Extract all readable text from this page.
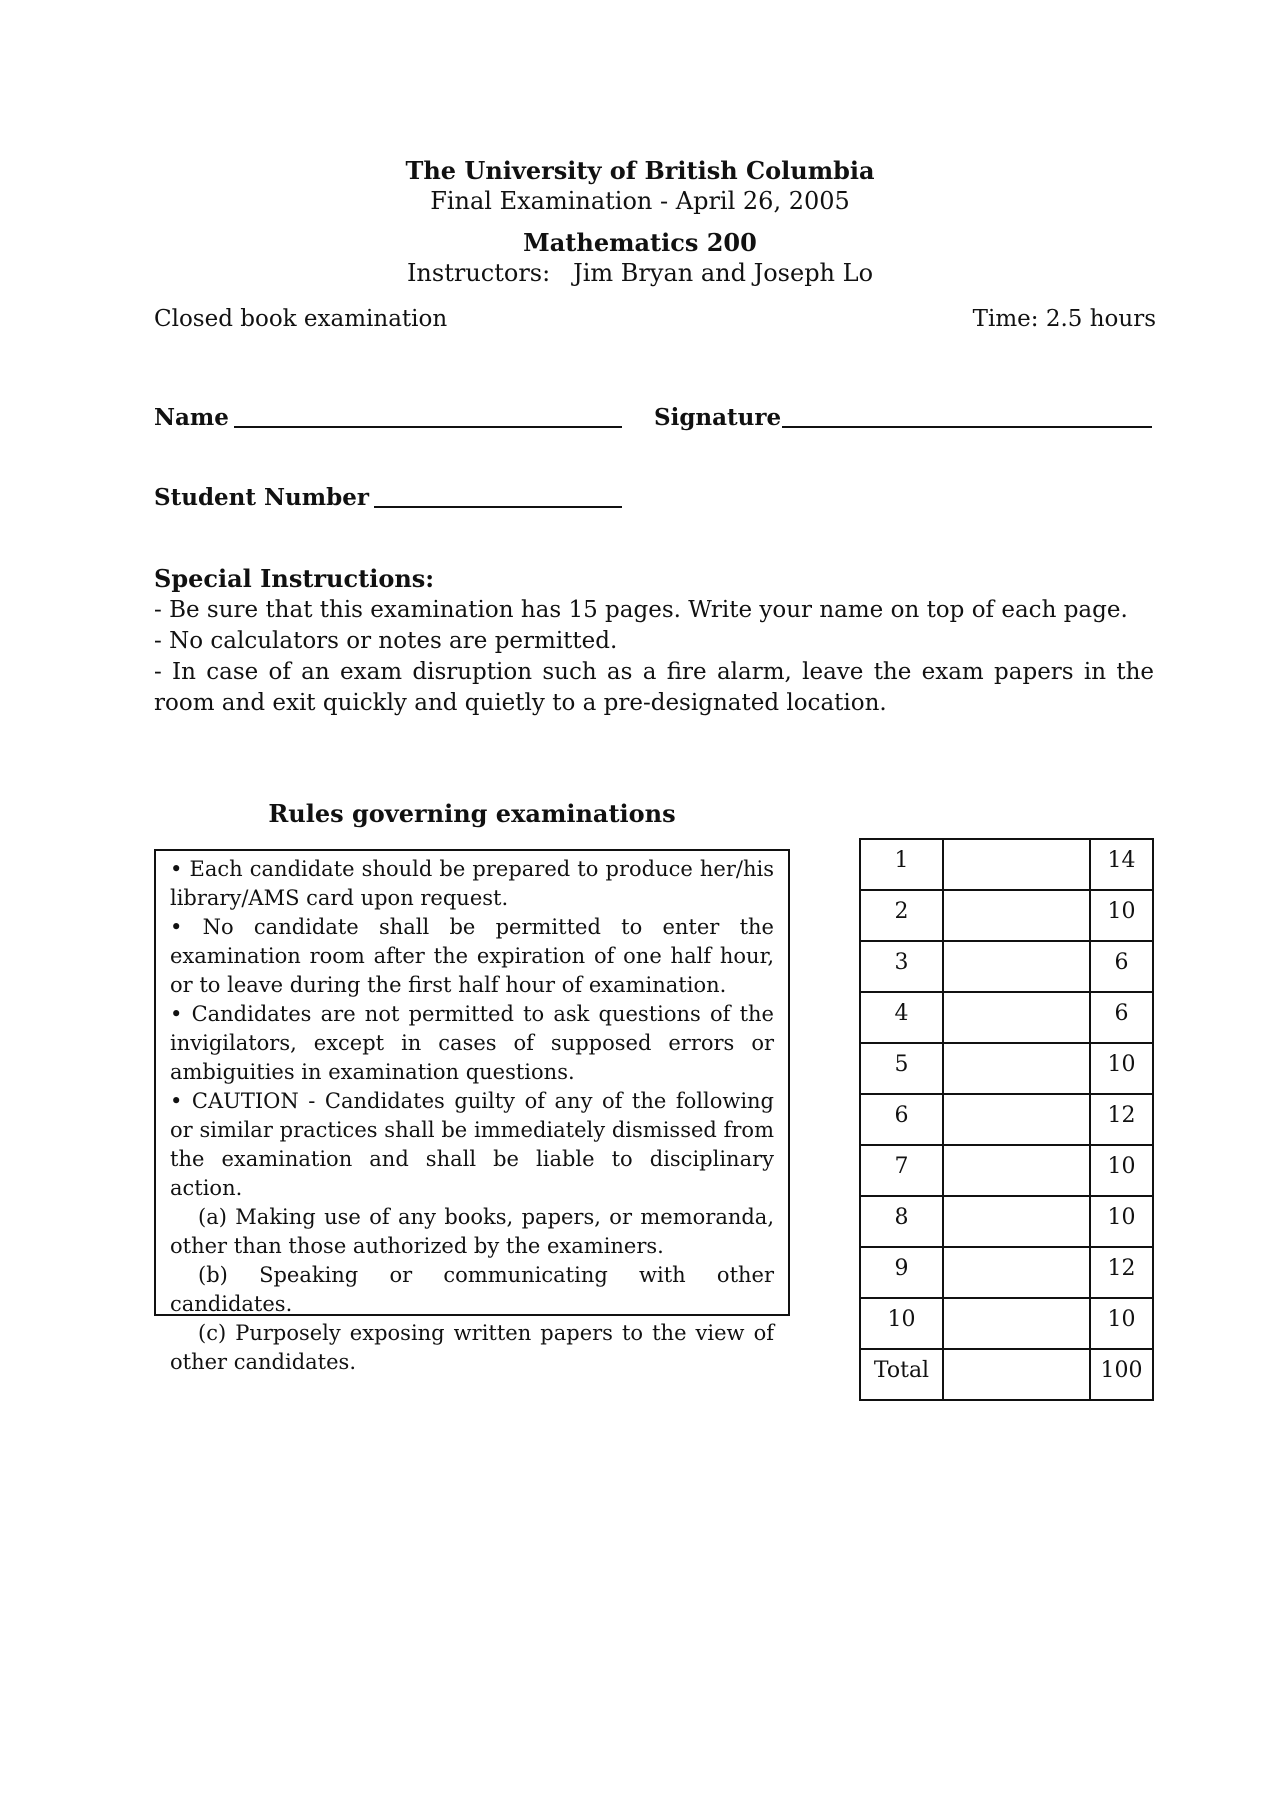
The University of British Columbia
Final Examination - April 26, 2005
Mathematics 200
Instructors: Jim Bryan and Joseph Lo
Closed book examination	Time: 2.5 hours
Name	Signature
Student Number
Special Instructions:
- Be sure that this examination has 15 pages. Write your name on top of each page.
- No calculators or notes are permitted.
- In case of an exam disruption such as a fire alarm, leave the exam papers in the room and exit quickly and quietly to a pre-designated location.
Rules governing examinations

• Each candidate should be prepared to produce her/his library/AMS card upon request.

• No candidate shall be permitted to enter the examination room after the expiration of one half hour, or to leave during the first half hour of examination.

• Candidates are not permitted to ask questions of the invigilators, except in cases of supposed errors or ambiguities in examination questions.

• CAUTION - Candidates guilty of any of the following or similar practices shall be immediately dismissed from the examination and shall be liable to disciplinary action.

(a) Making use of any books, papers, or memoranda, other than those authorized by the examiners.

(b) Speaking or communicating with other candidates.

(c) Purposely exposing written papers to the view of other candidates.

1		14
2		10
3		6
4		6
5		10
6		12
7		10
8		10
9		12
10		10
Total		100
